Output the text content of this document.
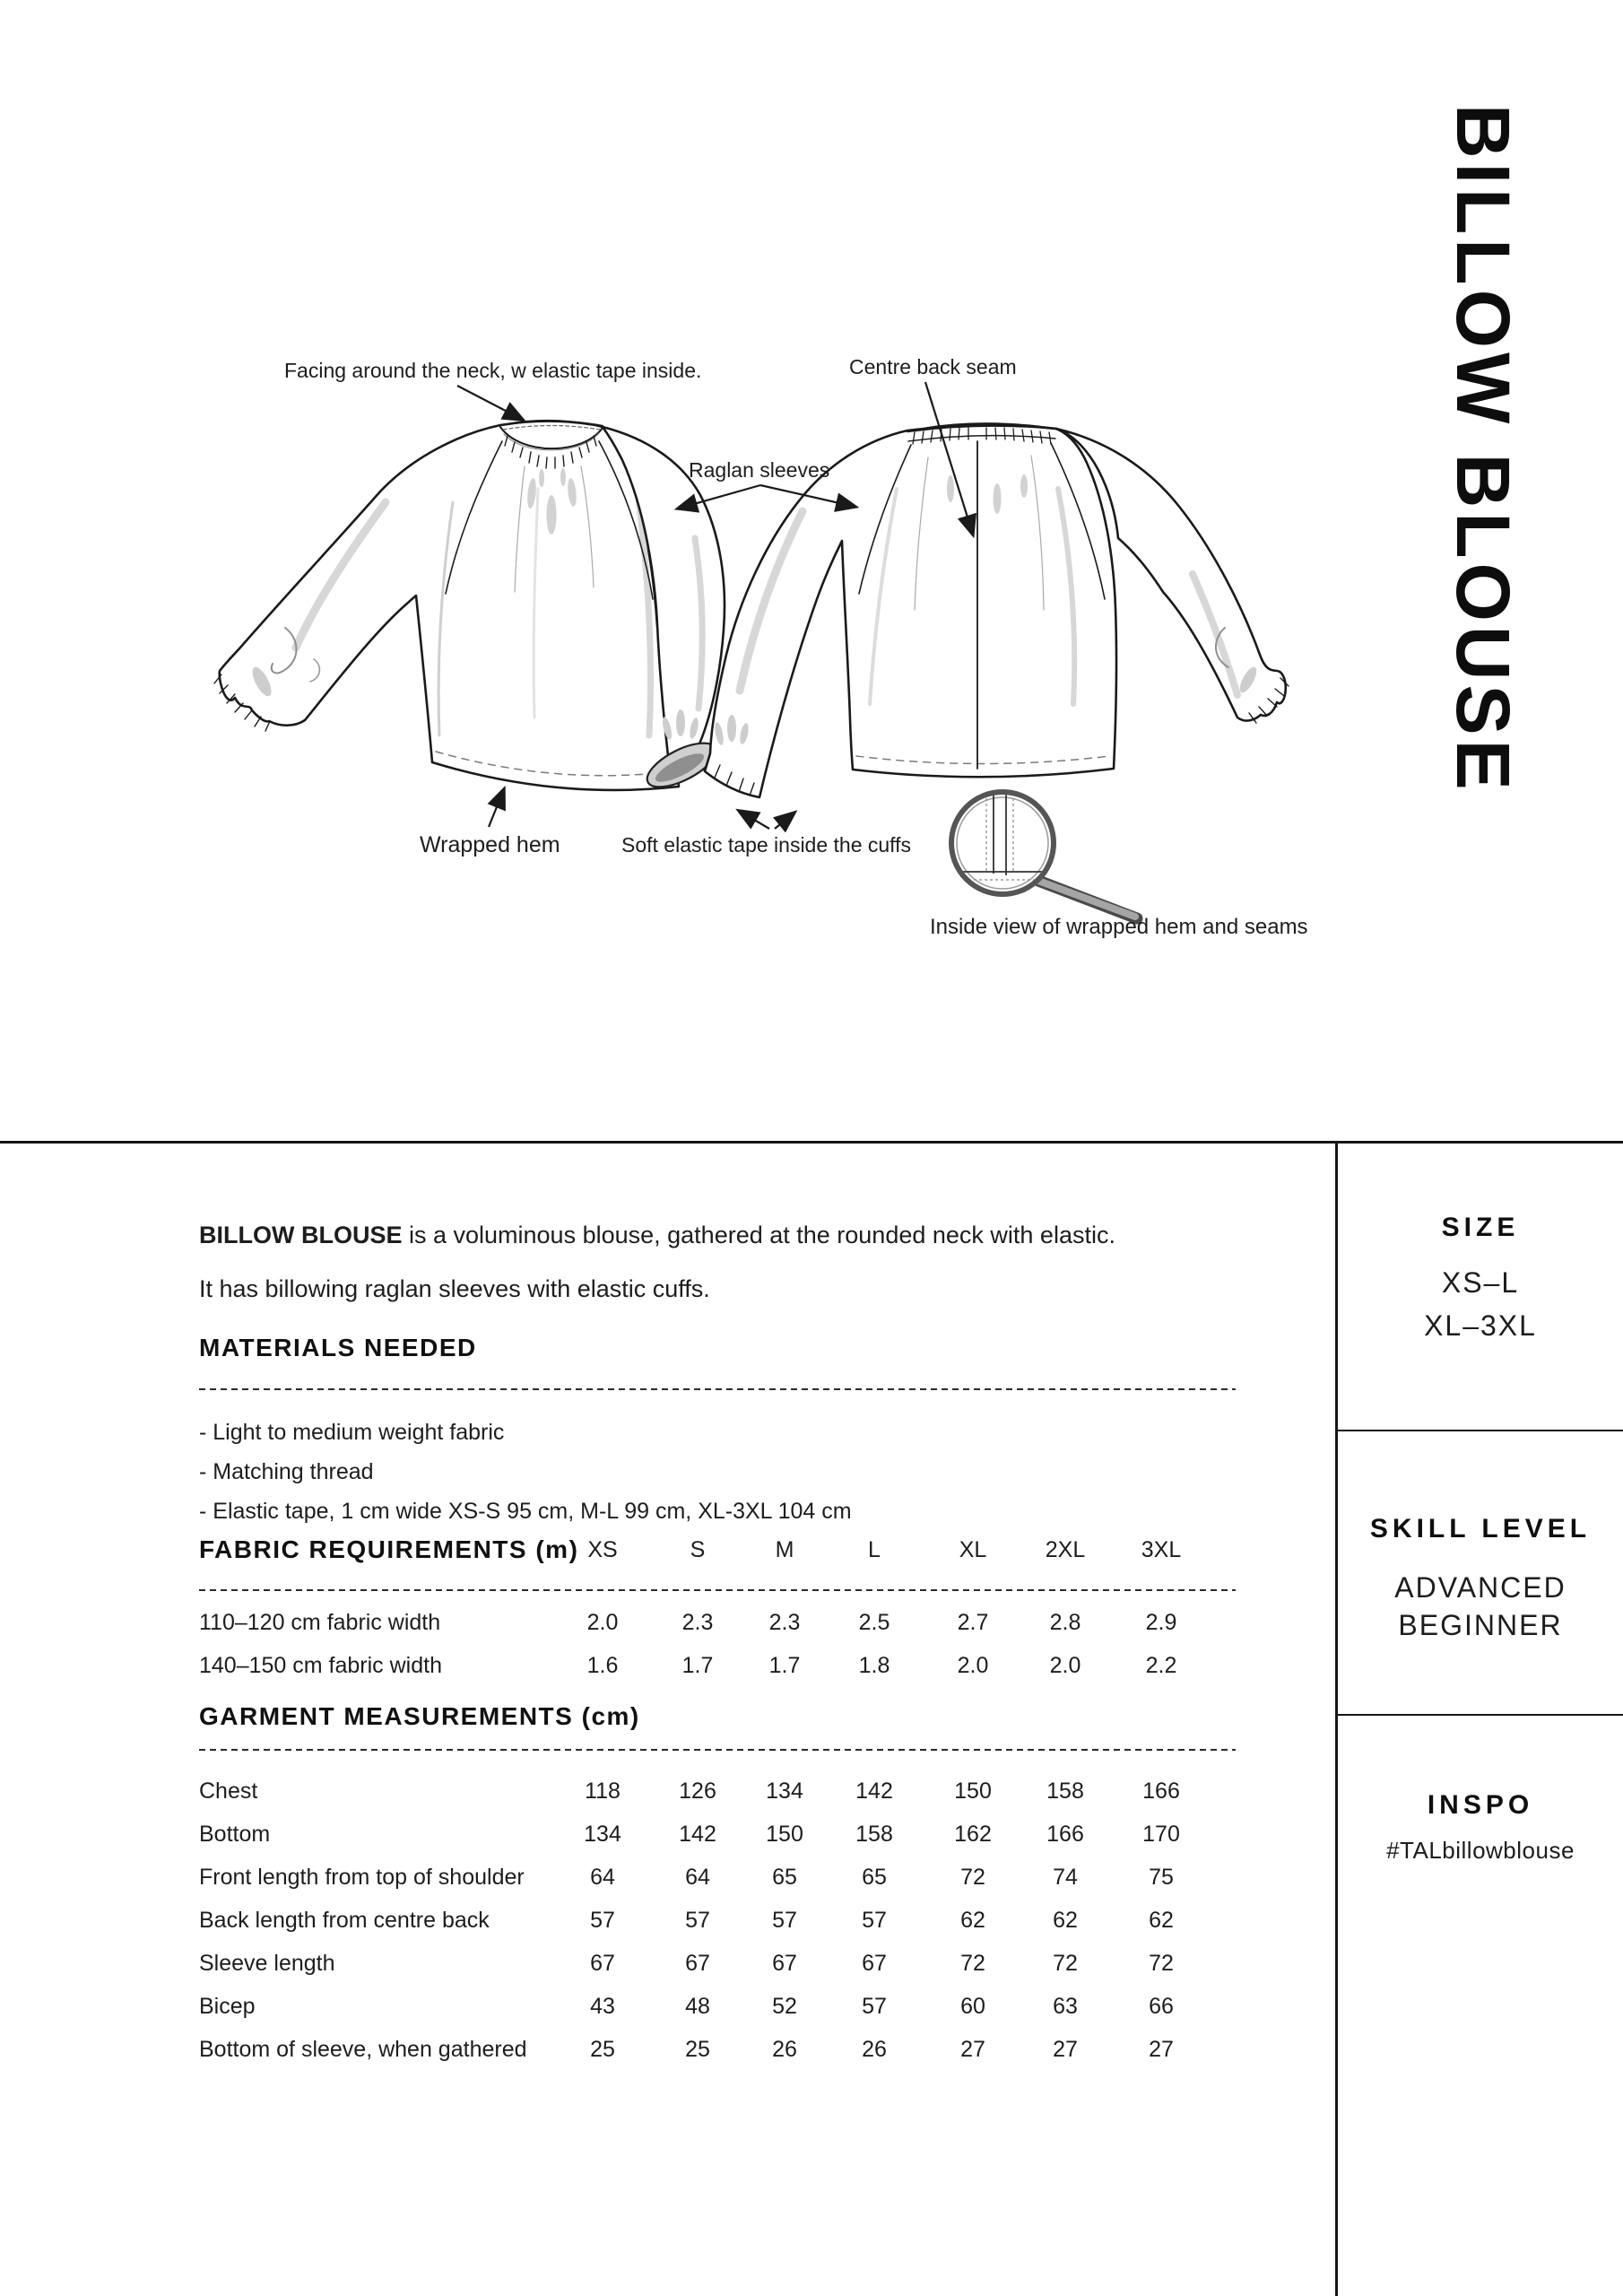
Facing around the neck, w elastic tape inside.	Centre back seam
Raglan sleeves
Wrapped hem	Soft elastic tape inside the cuffs
Inside view of wrapped hem and seams
BILLOW BLOUSE
BILLOW BLOUSE is a voluminous blouse, gathered at the rounded neck with elastic.
It has billowing raglan sleeves with elastic cuffs.
MATERIALS NEEDED
- Light to medium weight fabric
- Matching thread
- Elastic tape, 1 cm wide XS-S 95 cm, M-L 99 cm, XL-3XL 104 cm
FABRIC REQUIREMENTS (m)
GARMENT MEASUREMENTS (cm)
SIZE
XS–L
XL–3XL
SKILL LEVEL
ADVANCED
BEGINNER
INSPO
#TALbillowblouse
XS	S	M	L	XL	2XL	3XL
110–120 cm fabric width	2.0	2.3	2.3	2.5	2.7	2.8	2.9
140–150 cm fabric width	1.6	1.7	1.7	1.8	2.0	2.0	2.2
Chest	118	126	134	142	150	158	166
Bottom	134	142	150	158	162	166	170
Front length from top of shoulder	64	64	65	65	72	74	75
Back length from centre back	57	57	57	57	62	62	62
Sleeve length	67	67	67	67	72	72	72
Bicep	43	48	52	57	60	63	66
Bottom of sleeve, when gathered	25	25	26	26	27	27	27
